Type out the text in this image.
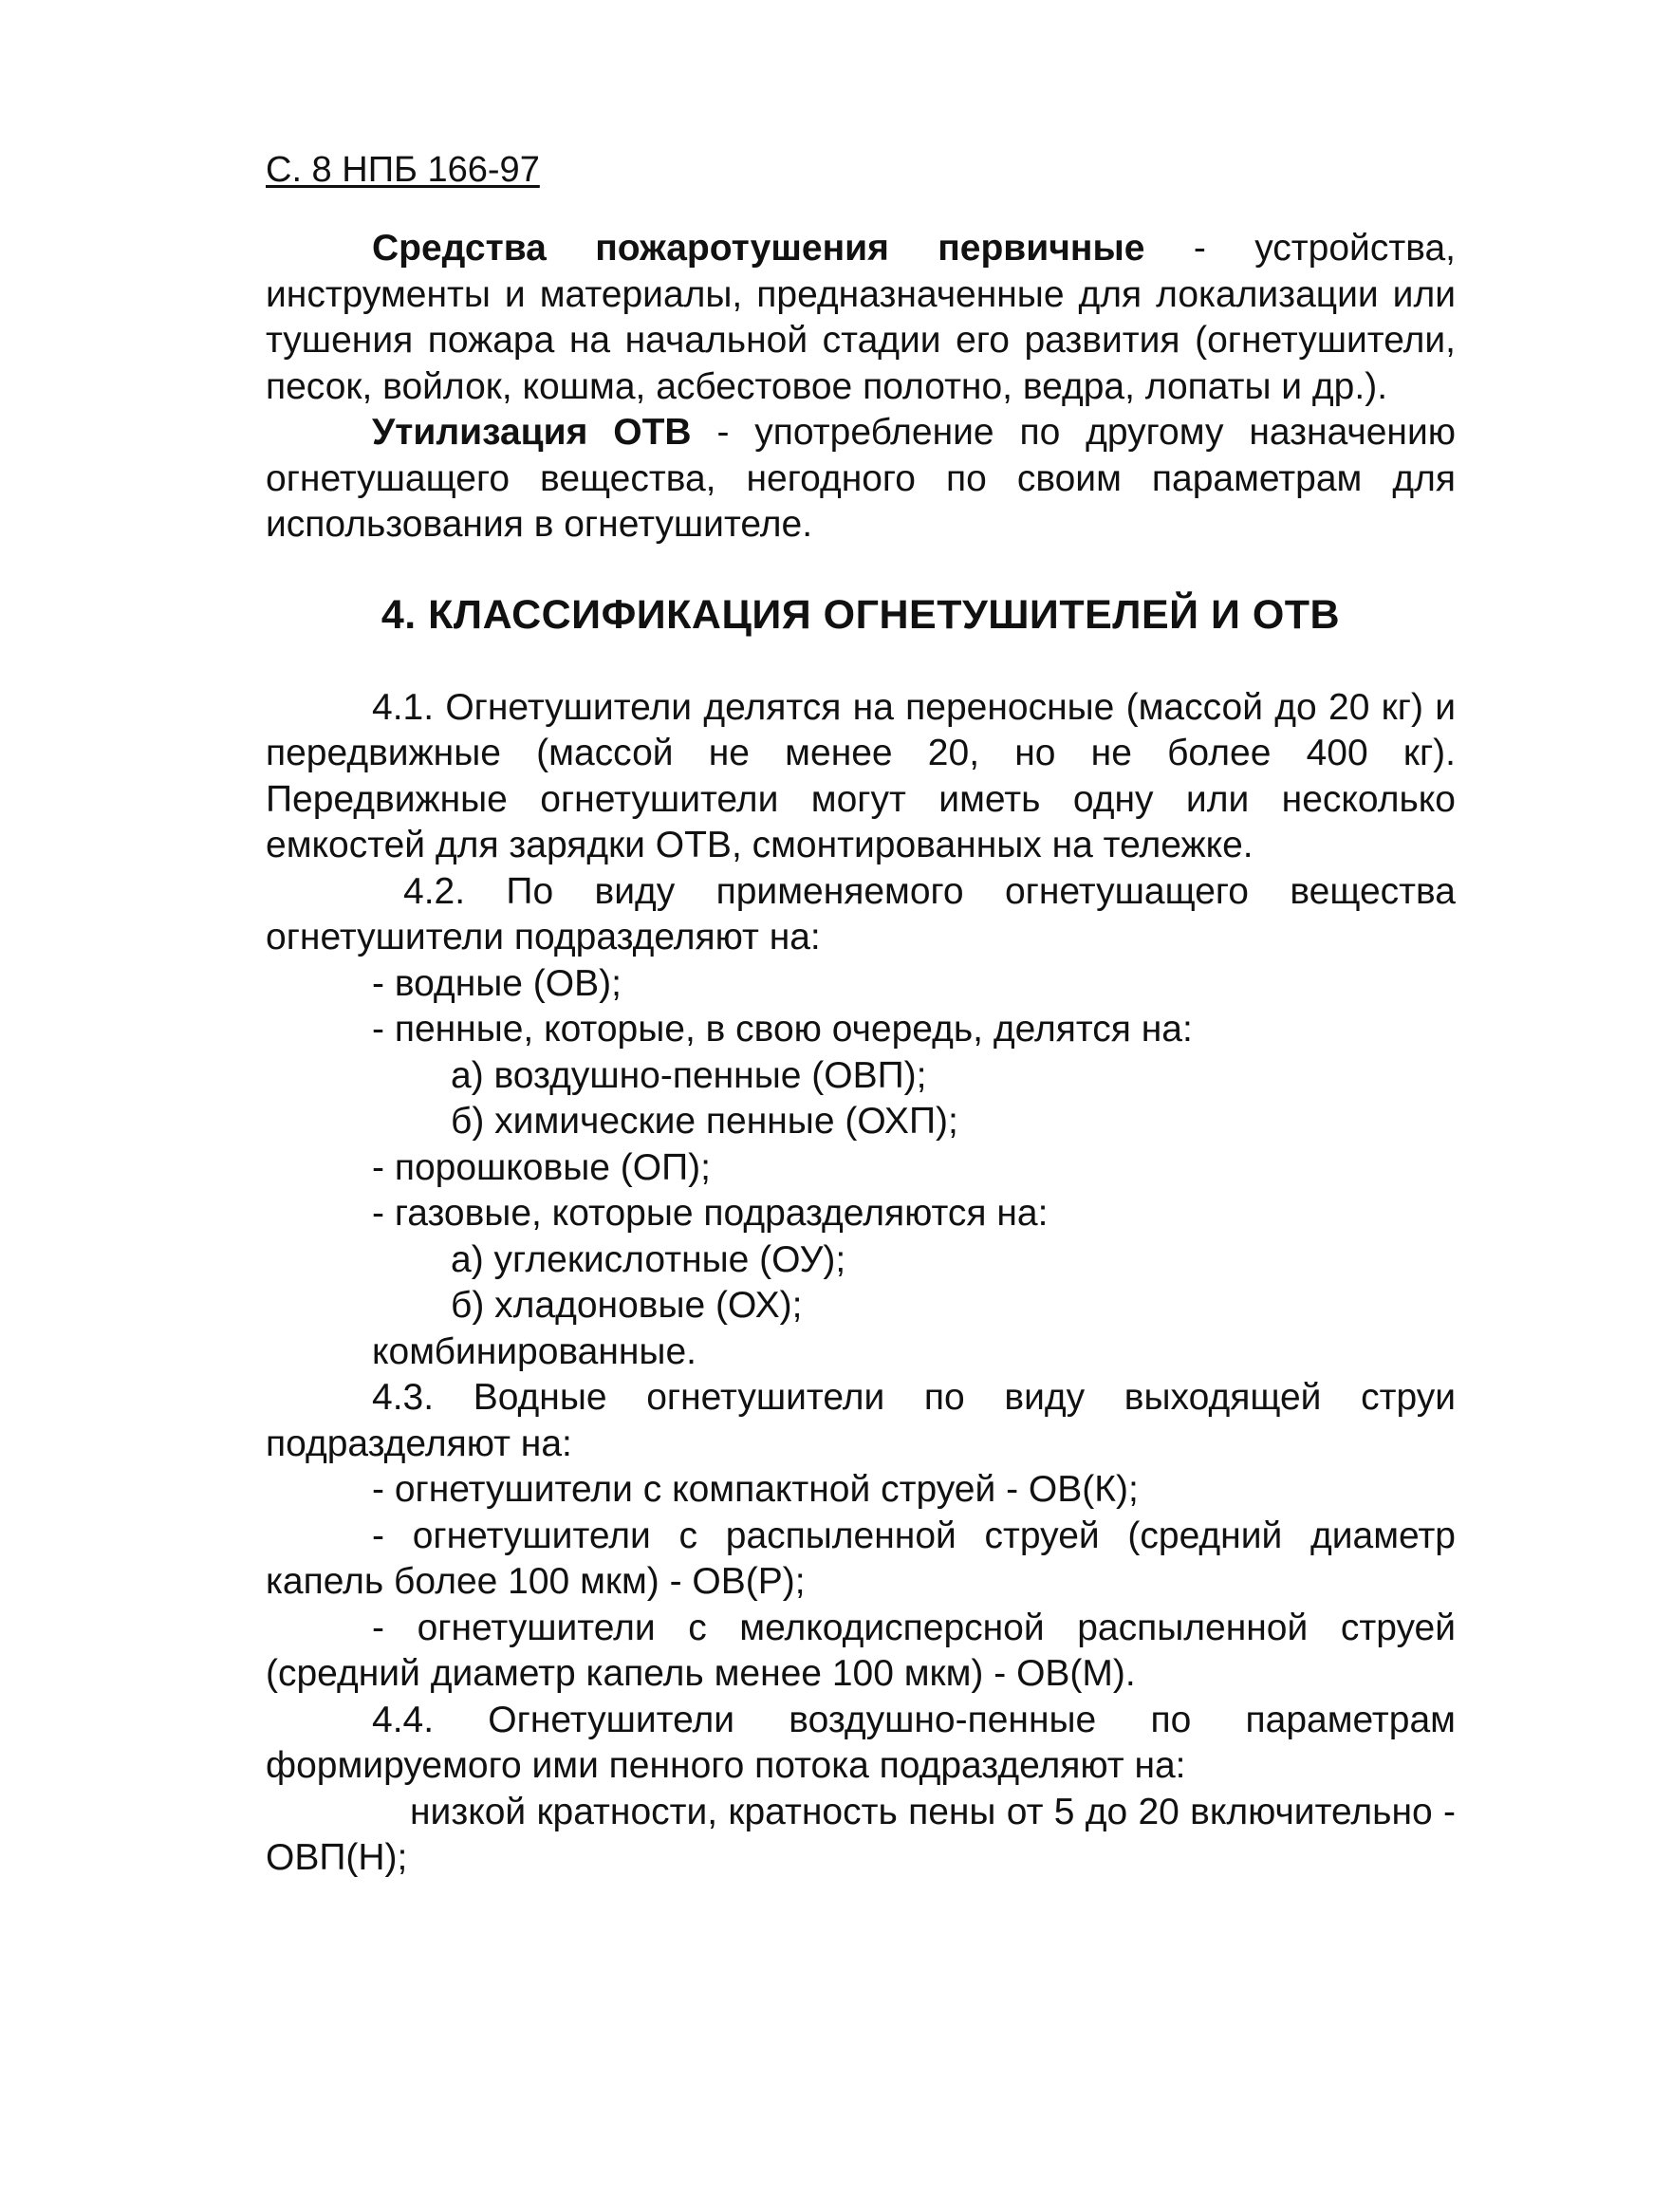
С. 8 НПБ 166-97

Средства пожаротушения первичные - устройства, инструменты и материалы, предназначенные для локализации или тушения пожара на начальной стадии его развития (огнетушители, песок, войлок, кошма, асбестовое полотно, ведра, лопаты и др.).

Утилизация ОТВ - употребление по другому назначению огнетушащего вещества, негодного по своим параметрам для использования в огнетушителе.

4. КЛАССИФИКАЦИЯ ОГНЕТУШИТЕЛЕЙ И ОТВ

4.1. Огнетушители делятся на переносные (массой до 20 кг) и передвижные (массой не менее 20, но не более 400 кг). Передвижные огнетушители могут иметь одну или несколько емкостей для зарядки ОТВ, смонтированных на тележке.

4.2. По виду применяемого огнетушащего вещества огнетушители подразделяют на:

- водные (ОВ);

- пенные, которые, в свою очередь, делятся на:

а) воздушно-пенные (ОВП);

б) химические пенные (ОХП);

- порошковые (ОП);

- газовые, которые подразделяются на:

а) углекислотные (ОУ);

б) хладоновые (ОХ);

комбинированные.

4.3. Водные огнетушители по виду выходящей струи подразделяют на:

- огнетушители с компактной струей - ОВ(К);

- огнетушители с распыленной струей (средний диаметр капель более 100 мкм) - ОВ(Р);

- огнетушители с мелкодисперсной распыленной струей (средний диаметр капель менее 100 мкм) - ОВ(М).

4.4. Огнетушители воздушно-пенные по параметрам формируемого ими пенного потока подразделяют на:

низкой кратности, кратность пены от 5 до 20 включительно - ОВП(Н);
